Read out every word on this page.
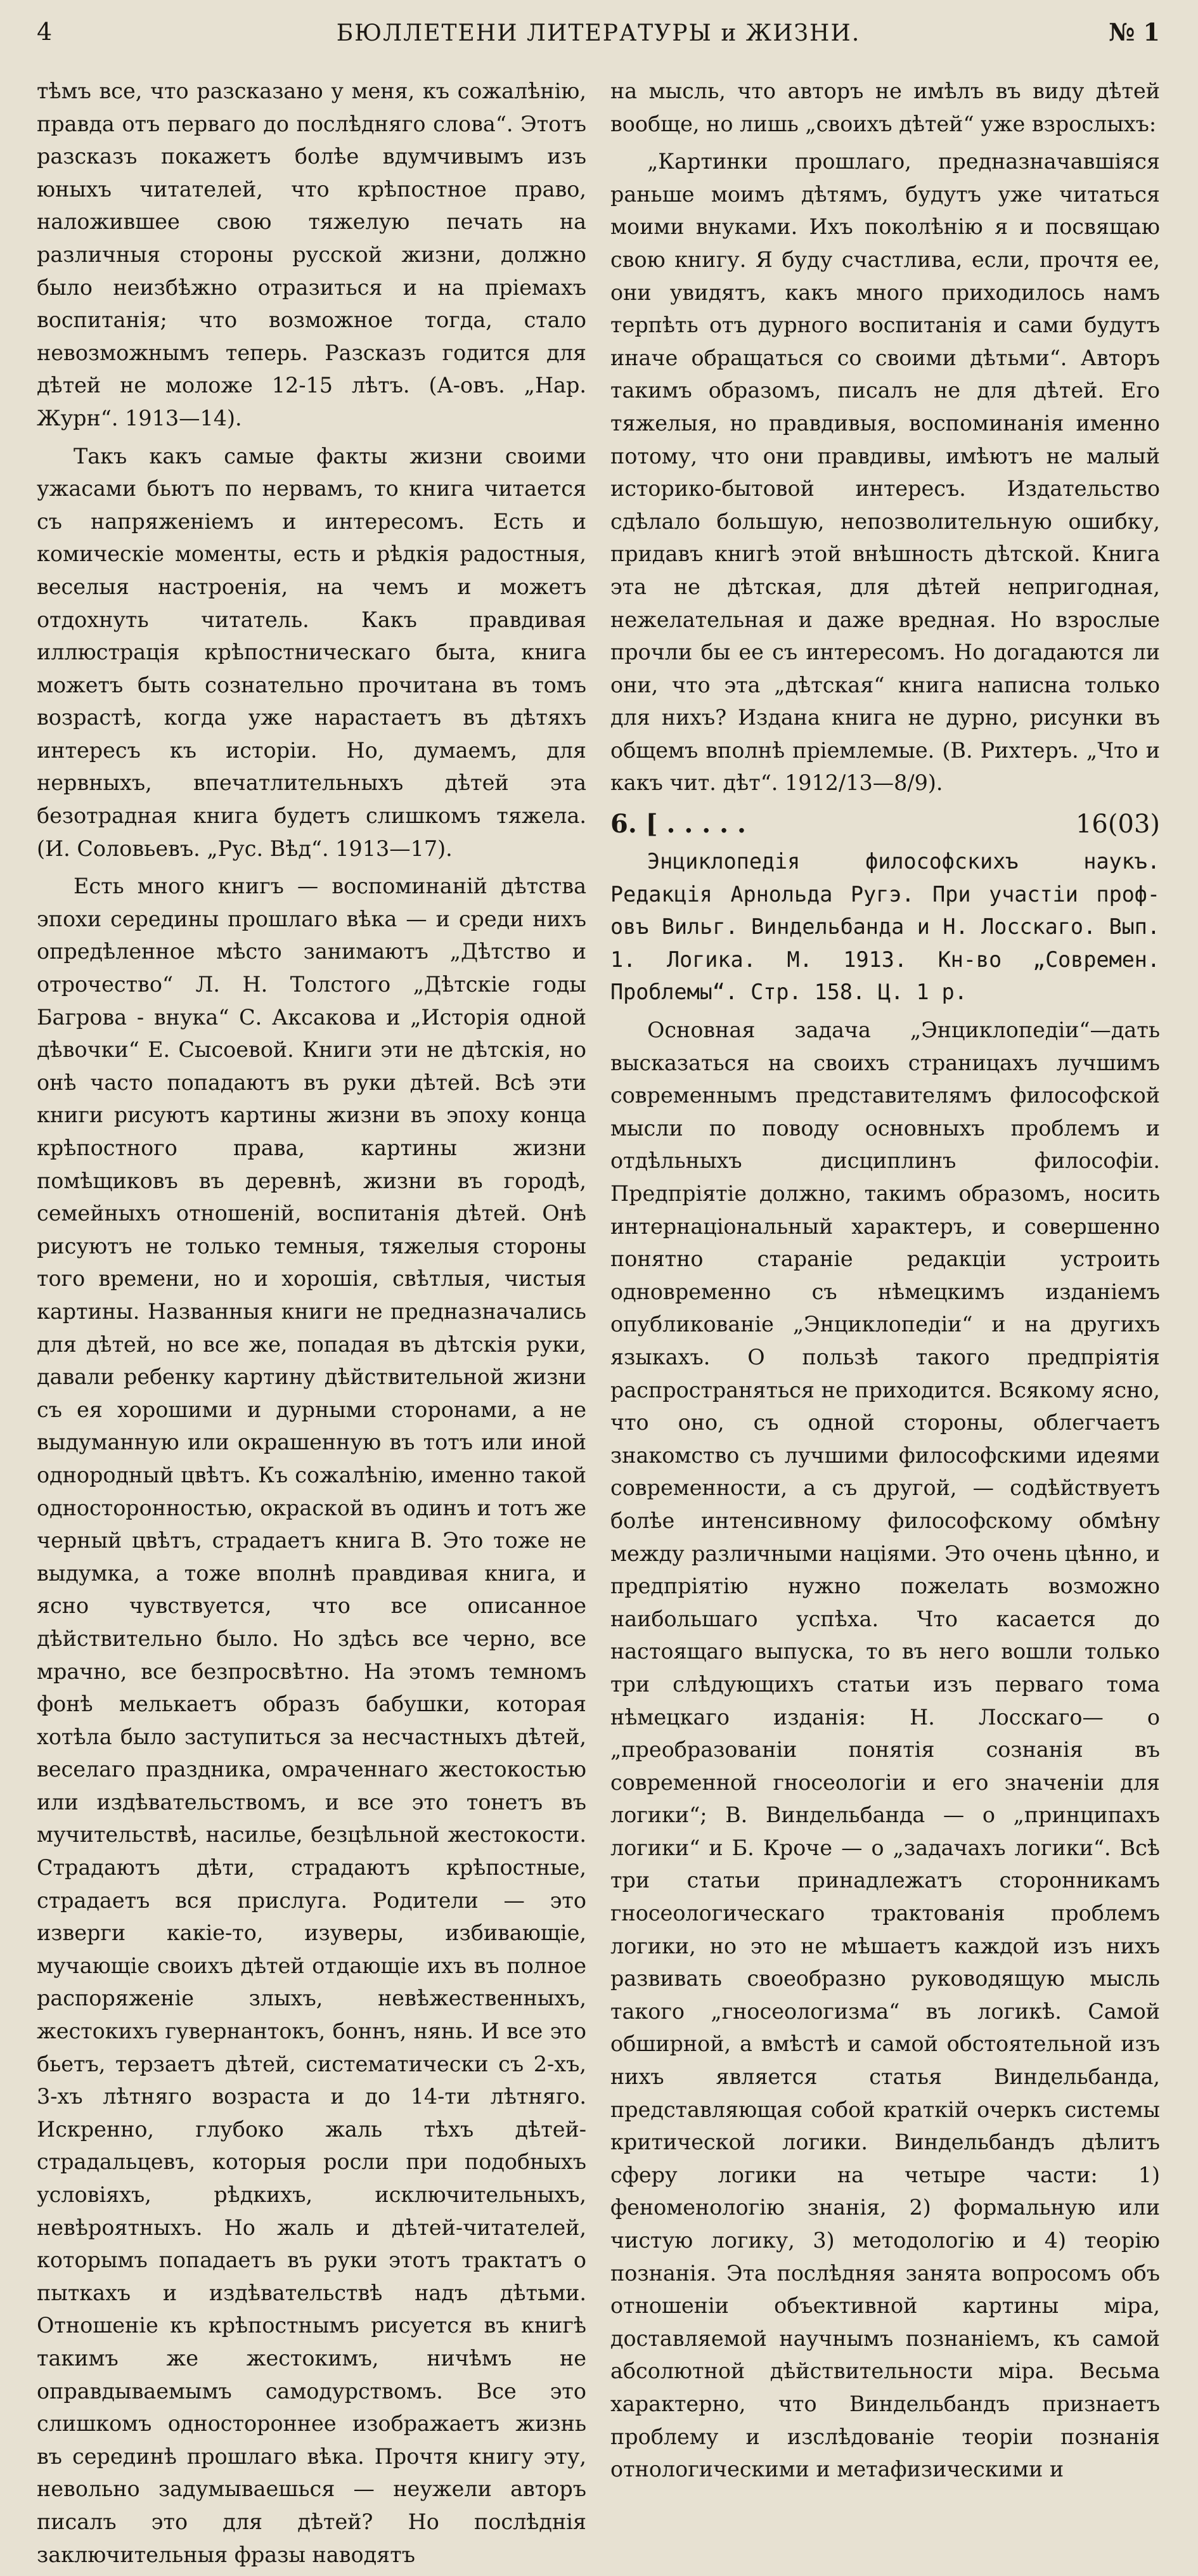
4	БЮЛЛЕТЕНИ ЛИТЕРАТУРЫ и ЖИЗНИ.	№ 1

тѣмъ все, что разсказано у меня, къ сожалѣнію, правда отъ перваго до послѣдняго слова“. Этотъ разсказъ покажетъ болѣе вдумчивымъ изъ юныхъ читателей, что крѣпостное право, наложившее свою тяжелую печать на различныя стороны русской жизни, должно было неизбѣжно отразиться и на пріемахъ воспитанія; что возможное тогда, стало невозможнымъ теперь. Разсказъ годится для дѣтей не моложе 12-15 лѣтъ. (А-овъ. „Нар. Журн“. 1913—14).

Такъ какъ самые факты жизни своими ужасами бьютъ по нервамъ, то книга читается съ напряженіемъ и интересомъ. Есть и комическіе моменты, есть и рѣдкія радостныя, веселыя настроенія, на чемъ и можетъ отдохнуть читатель. Какъ правдивая иллюстрація крѣпостническаго быта, книга можетъ быть сознательно прочитана въ томъ возрастѣ, когда уже нарастаетъ въ дѣтяхъ интересъ къ исторіи. Но, думаемъ, для нервныхъ, впечатлительныхъ дѣтей эта безотрадная книга будетъ слишкомъ тяжела. (И. Соловьевъ. „Рус. Вѣд“. 1913—17).

Есть много книгъ — воспоминаній дѣтства эпохи середины прошлаго вѣка — и среди нихъ опредѣленное мѣсто занимаютъ „Дѣтство и отрочество“ Л. Н. Толстого „Дѣтскіе годы Багрова - внука“ С. Аксакова и „Исторія одной дѣвочки“ Е. Сысоевой. Книги эти не дѣтскія, но онѣ часто попадаютъ въ руки дѣтей. Всѣ эти книги рисуютъ картины жизни въ эпоху конца крѣпостного права, картины жизни помѣщиковъ въ деревнѣ, жизни въ городѣ, семейныхъ отношеній, воспитанія дѣтей. Онѣ рисуютъ не только темныя, тяжелыя стороны того времени, но и хорошія, свѣтлыя, чистыя картины. Названныя книги не предназначались для дѣтей, но все же, попадая въ дѣтскія руки, давали ребенку картину дѣйствительной жизни съ ея хорошими и дурными сторонами, а не выдуманную или окрашенную въ тотъ или иной однородный цвѣтъ. Къ сожалѣнію, именно такой односторонностью, окраской въ одинъ и тотъ же черный цвѣтъ, страдаетъ книга В. Это тоже не выдумка, а тоже вполнѣ правдивая книга, и ясно чувствуется, что все описанное дѣйствительно было. Но здѣсь все черно, все мрачно, все безпросвѣтно. На этомъ темномъ фонѣ мелькаетъ образъ бабушки, которая хотѣла было заступиться за несчастныхъ дѣтей, веселаго праздника, омраченнаго жестокостью или издѣвательствомъ, и все это тонетъ въ мучительствѣ, насилье, безцѣльной жестокости. Страдаютъ дѣти, страдаютъ крѣпостные, страдаетъ вся прислуга. Родители — это изверги какіе-то, изуверы, избивающіе, мучающіе своихъ дѣтей отдающіе ихъ въ полное распоряженіе злыхъ, невѣжественныхъ, жестокихъ гувернантокъ, боннъ, нянь. И все это бьетъ, терзаетъ дѣтей, систематически съ 2-хъ, 3-хъ лѣтняго возраста и до 14-ти лѣтняго. Искренно, глубоко жаль тѣхъ дѣтей-страдальцевъ, которыя росли при подобныхъ условіяхъ, рѣдкихъ, исключительныхъ, невѣроятныхъ. Но жаль и дѣтей-читателей, которымъ попадаетъ въ руки этотъ трактатъ о пыткахъ и издѣвательствѣ надъ дѣтьми. Отношеніе къ крѣпостнымъ рисуется въ книгѣ такимъ же жестокимъ, ничѣмъ не оправдываемымъ самодурствомъ. Все это слишкомъ одностороннее изображаетъ жизнь въ серединѣ прошлаго вѣка. Прочтя книгу эту, невольно задумываешься — неужели авторъ писалъ это для дѣтей? Но послѣднія заключительныя фразы наводятъ

на мысль, что авторъ не имѣлъ въ виду дѣтей вообще, но лишь „своихъ дѣтей“ уже взрослыхъ:

„Картинки прошлаго, предназначавшіяся раньше моимъ дѣтямъ, будутъ уже читаться моими внуками. Ихъ поколѣнію я и посвящаю свою книгу. Я буду счастлива, если, прочтя ее, они увидятъ, какъ много приходилось намъ терпѣть отъ дурного воспитанія и сами будутъ иначе обращаться со своими дѣтьми“. Авторъ такимъ образомъ, писалъ не для дѣтей. Его тяжелыя, но правдивыя, воспоминанія именно потому, что они правдивы, имѣютъ не малый историко-бытовой интересъ. Издательство сдѣлало большую, непозволительную ошибку, придавъ книгѣ этой внѣшность дѣтской. Книга эта не дѣтская, для дѣтей непригодная, нежелательная и даже вредная. Но взрослые прочли бы ее съ интересомъ. Но догадаются ли они, что эта „дѣтская“ книга написна только для нихъ? Издана книга не дурно, рисунки въ общемъ вполнѣ пріемлемые. (В. Рихтеръ. „Что и какъ чит. дѣт“. 1912/13—8/9).

6. [ . . . . .	16(03)

Энциклопедія философскихъ наукъ. Редакція Арнольда Ругэ. При участіи проф-овъ Вильг. Виндельбанда и Н. Лосскаго. Вып. 1. Логика. М. 1913. Кн-во „Современ. Проблемы“. Стр. 158. Ц. 1 р.

Основная задача „Энциклопедіи“—дать высказаться на своихъ страницахъ лучшимъ современнымъ представителямъ философской мысли по поводу основныхъ проблемъ и отдѣльныхъ дисциплинъ философіи. Предпріятіе должно, такимъ образомъ, носить интернаціональный характеръ, и совершенно понятно стараніе редакціи устроить одновременно съ нѣмецкимъ изданіемъ опубликованіе „Энциклопедіи“ и на другихъ языкахъ. О пользѣ такого предпріятія распространяться не приходится. Всякому ясно, что оно, съ одной стороны, облегчаетъ знакомство съ лучшими философскими идеями современности, а съ другой, — содѣйствуетъ болѣе интенсивному философскому обмѣну между различными націями. Это очень цѣнно, и предпріятію нужно пожелать возможно наибольшаго успѣха. Что касается до настоящаго выпуска, то въ него вошли только три слѣдующихъ статьи изъ перваго тома нѣмецкаго изданія: Н. Лосскаго— о „преобразованіи понятія сознанія въ современной гносеологіи и его значеніи для логики“; В. Виндельбанда — о „принципахъ логики“ и Б. Кроче — о „задачахъ логики“. Всѣ три статьи принадлежатъ сторонникамъ гносеологическаго трактованія проблемъ логики, но это не мѣшаетъ каждой изъ нихъ развивать своеобразно руководящую мысль такого „гносеологизма“ въ логикѣ. Самой обширной, а вмѣстѣ и самой обстоятельной изъ нихъ является статья Виндельбанда, представляющая собой краткій очеркъ системы критической логики. Виндельбандъ дѣлитъ сферу логики на четыре части: 1) феноменологію знанія, 2) формальную или чистую логику, 3) методологію и 4) теорію познанія. Эта послѣдняя занята вопросомъ объ отношеніи объективной картины міра, доставляемой научнымъ познаніемъ, къ самой абсолютной дѣйствительности міра. Весьма характерно, что Виндельбандъ признаетъ проблему и изслѣдованіе теоріи познанія отнологическими и метафизическими и
